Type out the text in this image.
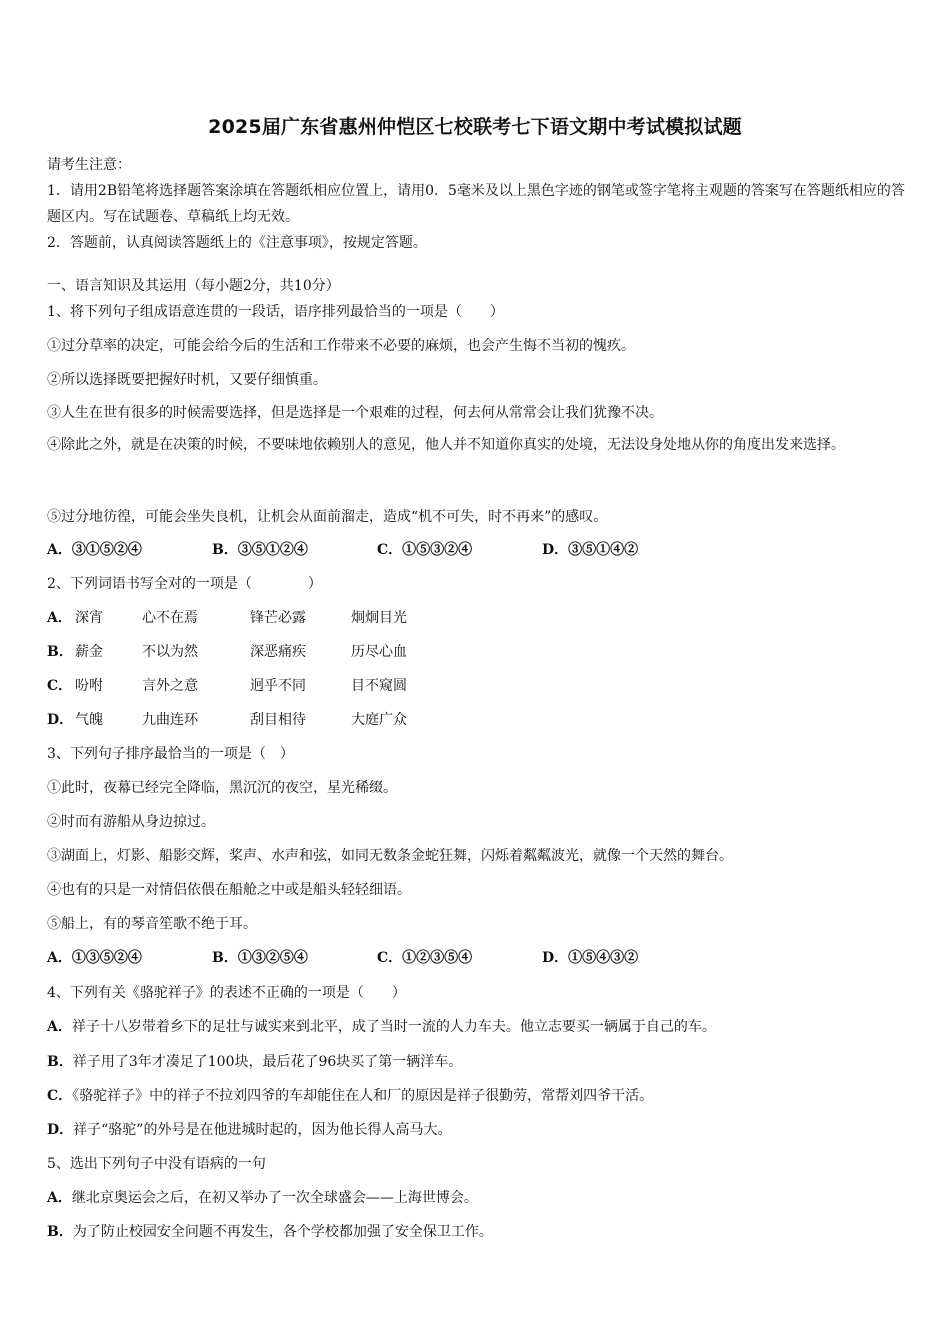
2025届广东省惠州仲恺区七校联考七下语文期中考试模拟试题
请考生注意：
1．请用2B铅笔将选择题答案涂填在答题纸相应位置上，请用0．5毫米及以上黑色字迹的钢笔或签字笔将主观题的答案写在答题纸相应的答题区内。写在试题卷、草稿纸上均无效。
2．答题前，认真阅读答题纸上的《注意事项》，按规定答题。
一、语言知识及其运用（每小题2分，共10分）
1、将下列句子组成语意连贯的一段话，语序排列最恰当的一项是（　　）
①过分草率的决定，可能会给今后的生活和工作带来不必要的麻烦，也会产生悔不当初的愧疚。
②所以选择既要把握好时机，又要仔细慎重。
③人生在世有很多的时候需要选择，但是选择是一个艰难的过程，何去何从常常会让我们犹豫不决。
④除此之外，就是在决策的时候，不要味地依赖别人的意见，他人并不知道你真实的处境，无法设身处地从你的角度出发来选择。
⑤过分地彷徨，可能会坐失良机，让机会从面前溜走，造成“机不可失，时不再来”的感叹。
A．③①⑤②④	B．③⑤①②④	C．①⑤③②④	D．③⑤①④②
2、下列词语书写全对的一项是（　　　　）
A． 深宵	心不在焉	锋芒必露	炯炯目光
B． 薪金	不以为然	深恶痛疾	历尽心血
C． 吩咐	言外之意	迥乎不同	目不窥圆
D． 气魄	九曲连环	刮目相待	大庭广众
3、下列句子排序最恰当的一项是（　）
①此时，夜幕已经完全降临，黑沉沉的夜空，星光稀缀。
②时而有游船从身边掠过。
③湖面上，灯影、船影交辉，桨声、水声和弦，如同无数条金蛇狂舞，闪烁着粼粼波光，就像一个天然的舞台。
④也有的只是一对情侣依偎在船舱之中或是船头轻轻细语。
⑤船上，有的琴音笙歌不绝于耳。
A．①③⑤②④	B．①③②⑤④	C．①②③⑤④	D．①⑤④③②
4、下列有关《骆驼祥子》的表述不正确的一项是（　　）
A．祥子十八岁带着乡下的足壮与诚实来到北平，成了当时一流的人力车夫。他立志要买一辆属于自己的车。
B．祥子用了3年才凑足了100块，最后花了96块买了第一辆洋车。
C．《骆驼祥子》中的祥子不拉刘四爷的车却能住在人和厂的原因是祥子很勤劳，常帮刘四爷干活。
D．祥子“骆驼”的外号是在他进城时起的，因为他长得人高马大。
5、选出下列句子中没有语病的一句
A．继北京奥运会之后，在初又举办了一次全球盛会——上海世博会。
B．为了防止校园安全问题不再发生，各个学校都加强了安全保卫工作。
